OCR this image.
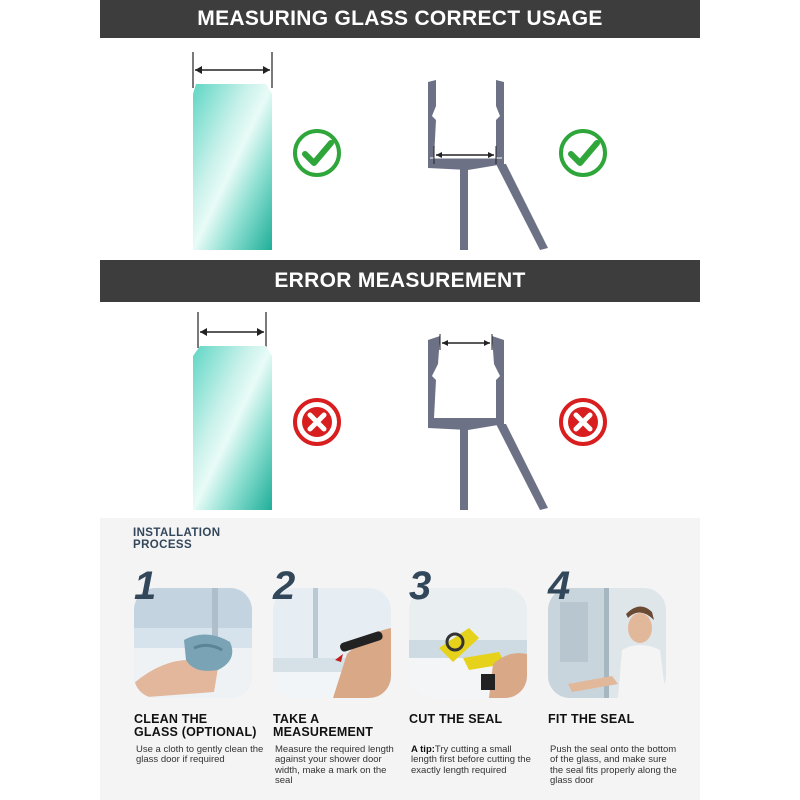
MEASURING GLASS CORRECT USAGE
ERROR MEASUREMENT
INSTALLATION
PROCESS
1
CLEAN THE
GLASS (OPTIONAL)
Use a cloth to gently clean the glass door if required
2
TAKE A
MEASUREMENT
Measure the required length against your shower door width, make a mark on the seal
3
CUT THE SEAL
A tip:Try cutting a small length first before cutting the exactly length required
4
FIT THE SEAL
Push the seal onto the bottom of the glass, and make sure the seal fits properly along the glass door
